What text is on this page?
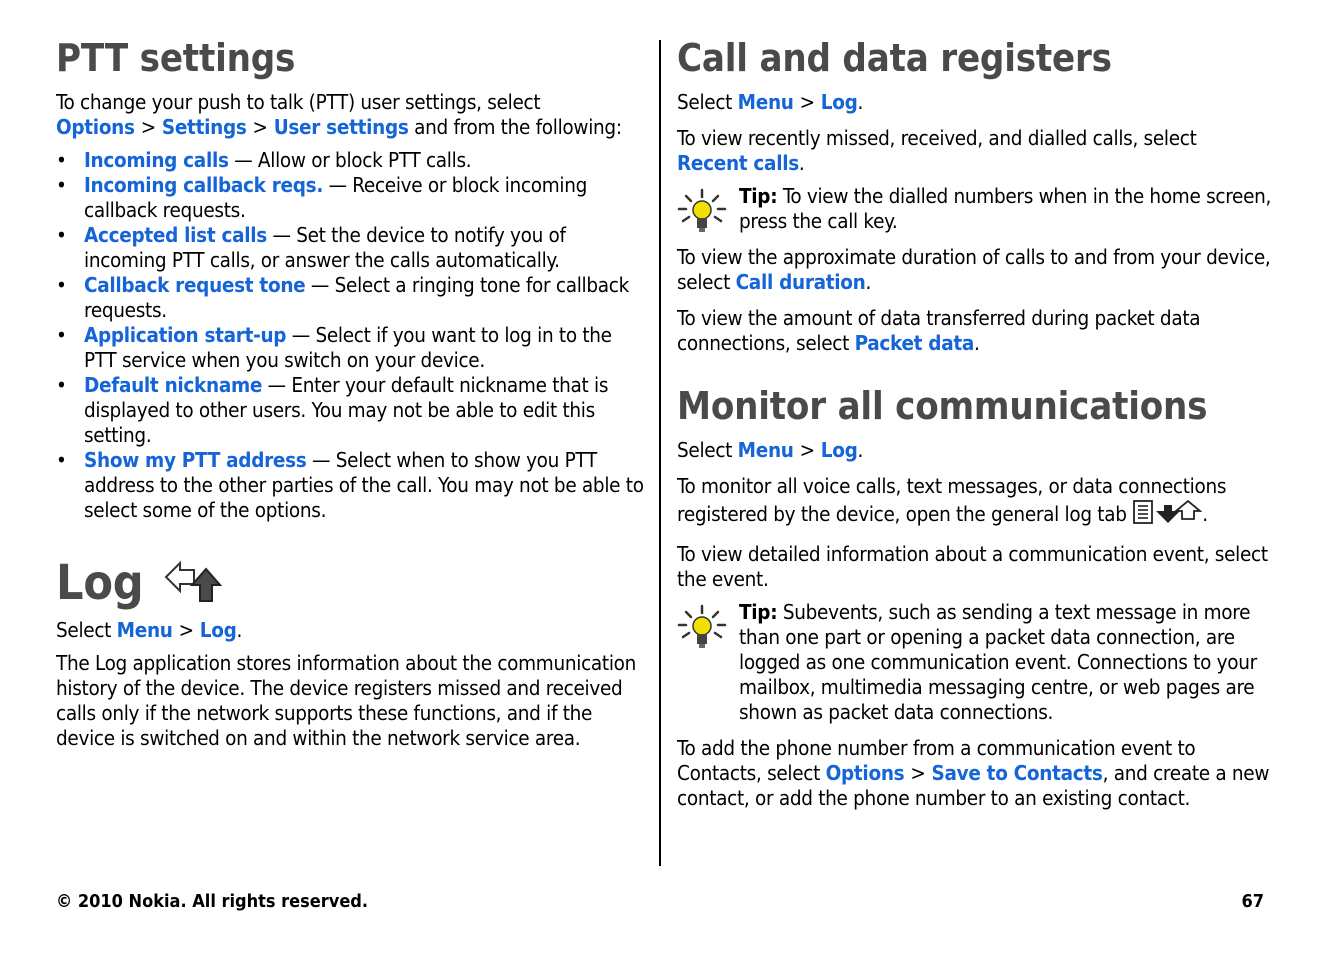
PTT settings

To change your push to talk (PTT) user settings, select
Options > Settings > User settings and from the following:

• Incoming calls — Allow or block PTT calls.
• Incoming callback reqs. — Receive or block incoming callback requests.
• Accepted list calls — Set the device to notify you of incoming PTT calls, or answer the calls automatically.
• Callback request tone — Select a ringing tone for callback requests.
• Application start-up — Select if you want to log in to the PTT service when you switch on your device.
• Default nickname — Enter your default nickname that is displayed to other users. You may not be able to edit this setting.
• Show my PTT address — Select when to show you PTT address to the other parties of the call. You may not be able to select some of the options.
Log

Select Menu > Log.

The Log application stores information about the communication history of the device. The device registers missed and received calls only if the network supports these functions, and if the device is switched on and within the network service area.

Call and data registers

Select Menu > Log.

To view recently missed, received, and dialled calls, select
Recent calls.

Tip: To view the dialled numbers when in the home screen, press the call key.

To view the approximate duration of calls to and from your device, select Call duration.

To view the amount of data transferred during packet data connections, select Packet data.

Monitor all communications

Select Menu > Log.

To monitor all voice calls, text messages, or data connections registered by the device, open the general log tab	.

To view detailed information about a communication event, select the event.

Tip: Subevents, such as sending a text message in more than one part or opening a packet data connection, are logged as one communication event. Connections to your mailbox, multimedia messaging centre, or web pages are shown as packet data connections.

To add the phone number from a communication event to Contacts, select Options > Save to Contacts, and create a new contact, or add the phone number to an existing contact.

© 2010 Nokia. All rights reserved.	67
